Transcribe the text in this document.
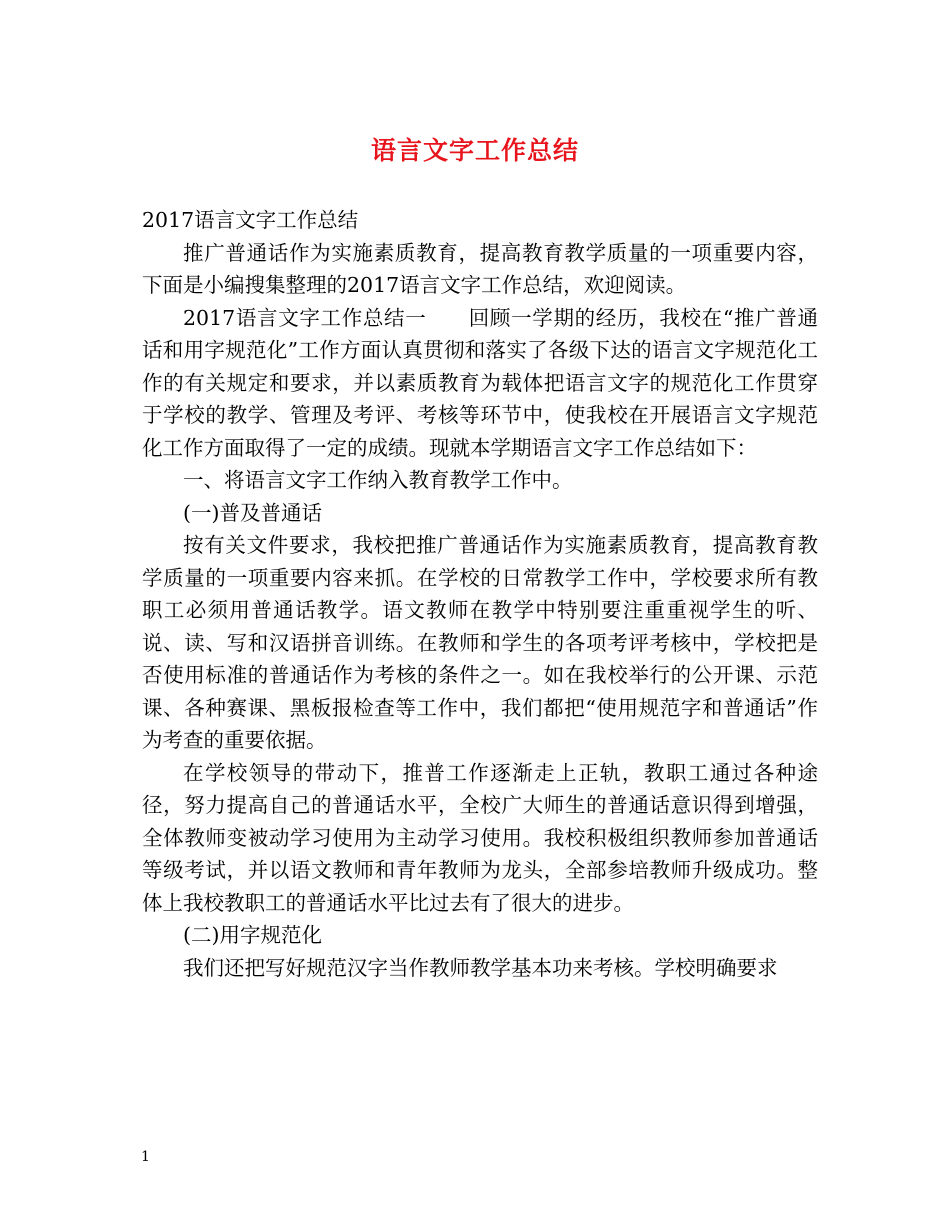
语言文字工作总结

2017语言文字工作总结

推广普通话作为实施素质教育，提高教育教学质量的一项重要内容，下面是小编搜集整理的2017语言文字工作总结，欢迎阅读。

2017语言文字工作总结一　　回顾一学期的经历，我校在“推广普通话和用字规范化”工作方面认真贯彻和落实了各级下达的语言文字规范化工作的有关规定和要求，并以素质教育为载体把语言文字的规范化工作贯穿于学校的教学、管理及考评、考核等环节中，使我校在开展语言文字规范化工作方面取得了一定的成绩。现就本学期语言文字工作总结如下：

一、将语言文字工作纳入教育教学工作中。

(一)普及普通话

按有关文件要求，我校把推广普通话作为实施素质教育，提高教育教学质量的一项重要内容来抓。在学校的日常教学工作中，学校要求所有教职工必须用普通话教学。语文教师在教学中特别要注重重视学生的听、说、读、写和汉语拼音训练。在教师和学生的各项考评考核中，学校把是否使用标准的普通话作为考核的条件之一。如在我校举行的公开课、示范课、各种赛课、黑板报检查等工作中，我们都把“使用规范字和普通话”作为考查的重要依据。

在学校领导的带动下，推普工作逐渐走上正轨，教职工通过各种途径，努力提高自己的普通话水平，全校广大师生的普通话意识得到增强，全体教师变被动学习使用为主动学习使用。我校积极组织教师参加普通话等级考试，并以语文教师和青年教师为龙头，全部参培教师升级成功。整体上我校教职工的普通话水平比过去有了很大的进步。

(二)用字规范化

我们还把写好规范汉字当作教师教学基本功来考核。学校明确要求

1
